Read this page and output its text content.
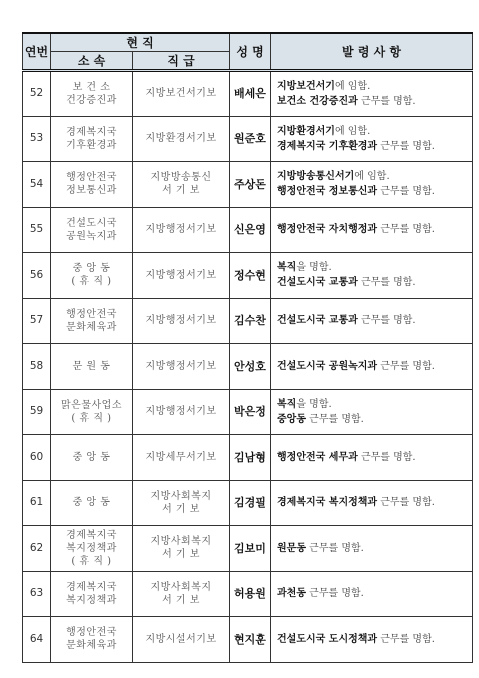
연번	현 직		성 명	발 령 사 항
	소 속	직 급		
52	보 건 소
건강증진과	지방보건서기보	배세은	지방보건서기에 임함.
보건소 건강증진과 근무를 명함.

53	경제복지국
기후환경과	지방환경서기보	원준호	지방환경서기에 임함.
경제복지국 기후환경과 근무를 명함.

54	행정안전국
정보통신과	지방방송통신
서 기 보	주상돈	지방방송통신서기에 임함.
행정안전국 정보통신과 근무를 명함.

55	건설도시국
공원녹지과	지방행정서기보	신은영	행정안전국 자치행정과 근무를 명함.

56	중 앙 동
( 휴 직 )	지방행정서기보	정수현	복직을 명함.
건설도시국 교통과 근무를 명함.

57	행정안전국
문화체육과	지방행정서기보	김수찬	건설도시국 교통과 근무를 명함.

58	문 원 동	지방행정서기보	안성호	건설도시국 공원녹지과 근무를 명함.

59	맑은물사업소
( 휴 직 )	지방행정서기보	박은정	복직을 명함.
중앙동 근무를 명함.

60	중 앙 동	지방세무서기보	김남형	행정안전국 세무과 근무를 명함.

61	중 앙 동	지방사회복지
서 기 보	김경필	경제복지국 복지정책과 근무를 명함.

62	경제복지국
복지정책과
( 휴 직 )	지방사회복지
서 기 보	김보미	원문동 근무를 명함.

63	경제복지국
복지정책과	지방사회복지
서 기 보	허용원	과천동 근무를 명함.

64	행정안전국
문화체육과	지방시설서기보	현지훈	건설도시국 도시정책과 근무를 명함.
